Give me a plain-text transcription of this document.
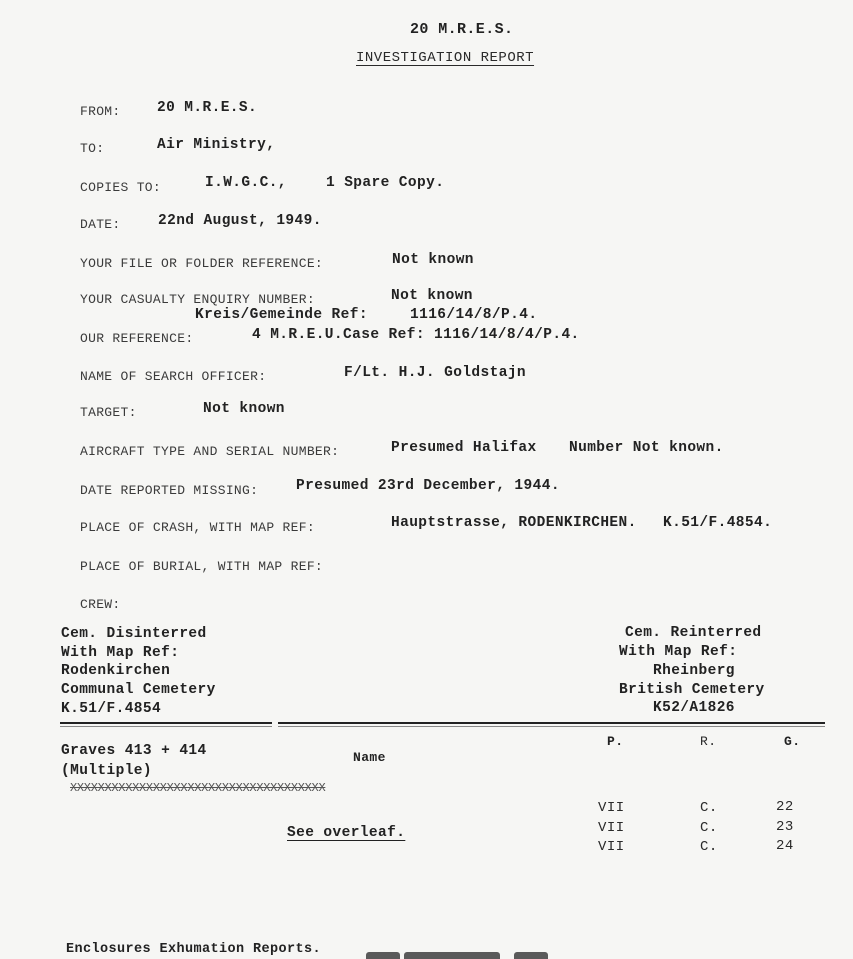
20 M.R.E.S.
INVESTIGATION REPORT
FROM:	20 M.R.E.S.
TO:	Air Ministry,
COPIES TO:	I.W.G.C.,	1 Spare Copy.
DATE:	22nd August, 1949.
YOUR FILE OR FOLDER REFERENCE:	Not known
YOUR CASUALTY ENQUIRY NUMBER:	Not known
Kreis/Gemeinde Ref:	1116/14/8/P.4.
OUR REFERENCE:	4 M.R.E.U.Case Ref: 1116/14/8/4/P.4.
NAME OF SEARCH OFFICER:	F/Lt. H.J. Goldstajn
TARGET:	Not known
AIRCRAFT TYPE AND SERIAL NUMBER:	Presumed Halifax Number Not known.
DATE REPORTED MISSING:	Presumed 23rd December, 1944.
PLACE OF CRASH, WITH MAP REF:	Hauptstrasse, RODENKIRCHEN. K.51/F.4854.
PLACE OF BURIAL, WITH MAP REF:
CREW:
Cem. Disinterred
With Map Ref:
Rodenkirchen
Communal Cemetery
K.51/F.4854
Cem. Reinterred
With Map Ref:
Rheinberg
British Cemetery
K52/A1826
Graves 413 + 414
(Multiple)
Name
P.	R.	G.
XXXXXXXXXXXXXXXXXXXXXXXXXXXXXXXXXXXXX
See overleaf.
VII	C.	22
VII	C.	23
VII	C.	24
Enclosures Exhumation Reports.
